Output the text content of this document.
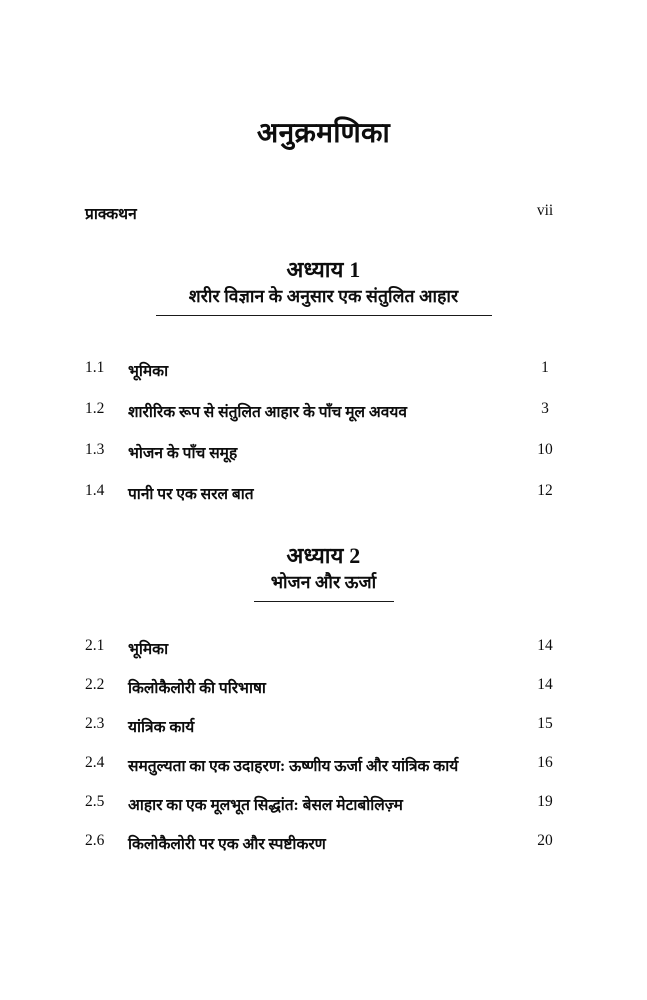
अनुक्रमणिका
प्राक्कथन	vii
अध्याय 1
शरीर विज्ञान के अनुसार एक संतुलित आहार
1.1	भूमिका	1
1.2	शारीरिक रूप से संतुलित आहार के पाँच मूल अवयव	3
1.3	भोजन के पाँच समूह	10
1.4	पानी पर एक सरल बात	12
अध्याय 2
भोजन और ऊर्जा
2.1	भूमिका	14
2.2	किलोकैलोरी की परिभाषा	14
2.3	यांत्रिक कार्य	15
2.4	समतुल्यता का एक उदाहरण: ऊष्णीय ऊर्जा और यांत्रिक कार्य	16
2.5	आहार का एक मूलभूत सिद्धांत: बेसल मेटाबोलिज़्म	19
2.6	किलोकैलोरी पर एक और स्पष्टीकरण	20
